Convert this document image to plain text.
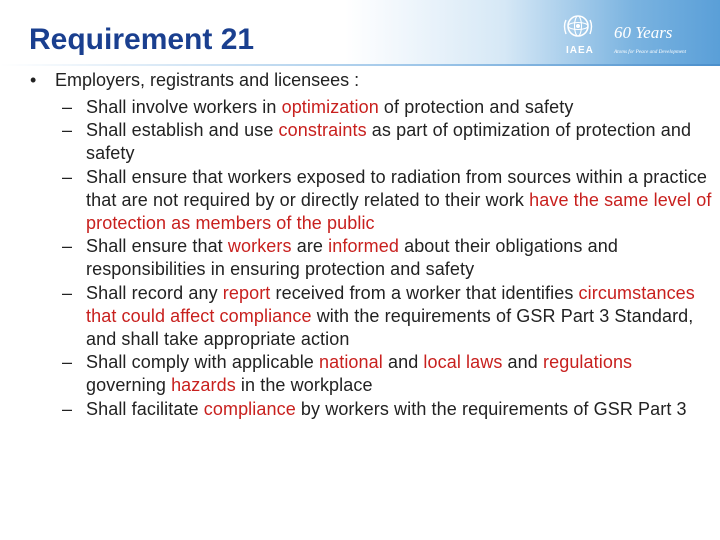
Requirement 21	IAEA
60 Years
Atoms for Peace and Development
• Employers, registrants and licensees :
– Shall involve workers in optimization of protection and safety
– Shall establish and use constraints as part of optimization of protection and safety
– Shall ensure that workers exposed to radiation from sources within a practice that are not required by or directly related to their work have the same level of protection as members of the public
– Shall ensure that workers are informed about their obligations and responsibilities in ensuring protection and safety
– Shall record any report received from a worker that identifies circumstances that could affect compliance with the requirements of GSR Part 3 Standard, and shall take appropriate action
– Shall comply with applicable national and local laws and regulations governing hazards in the workplace
– Shall facilitate compliance by workers with the requirements of GSR Part 3
